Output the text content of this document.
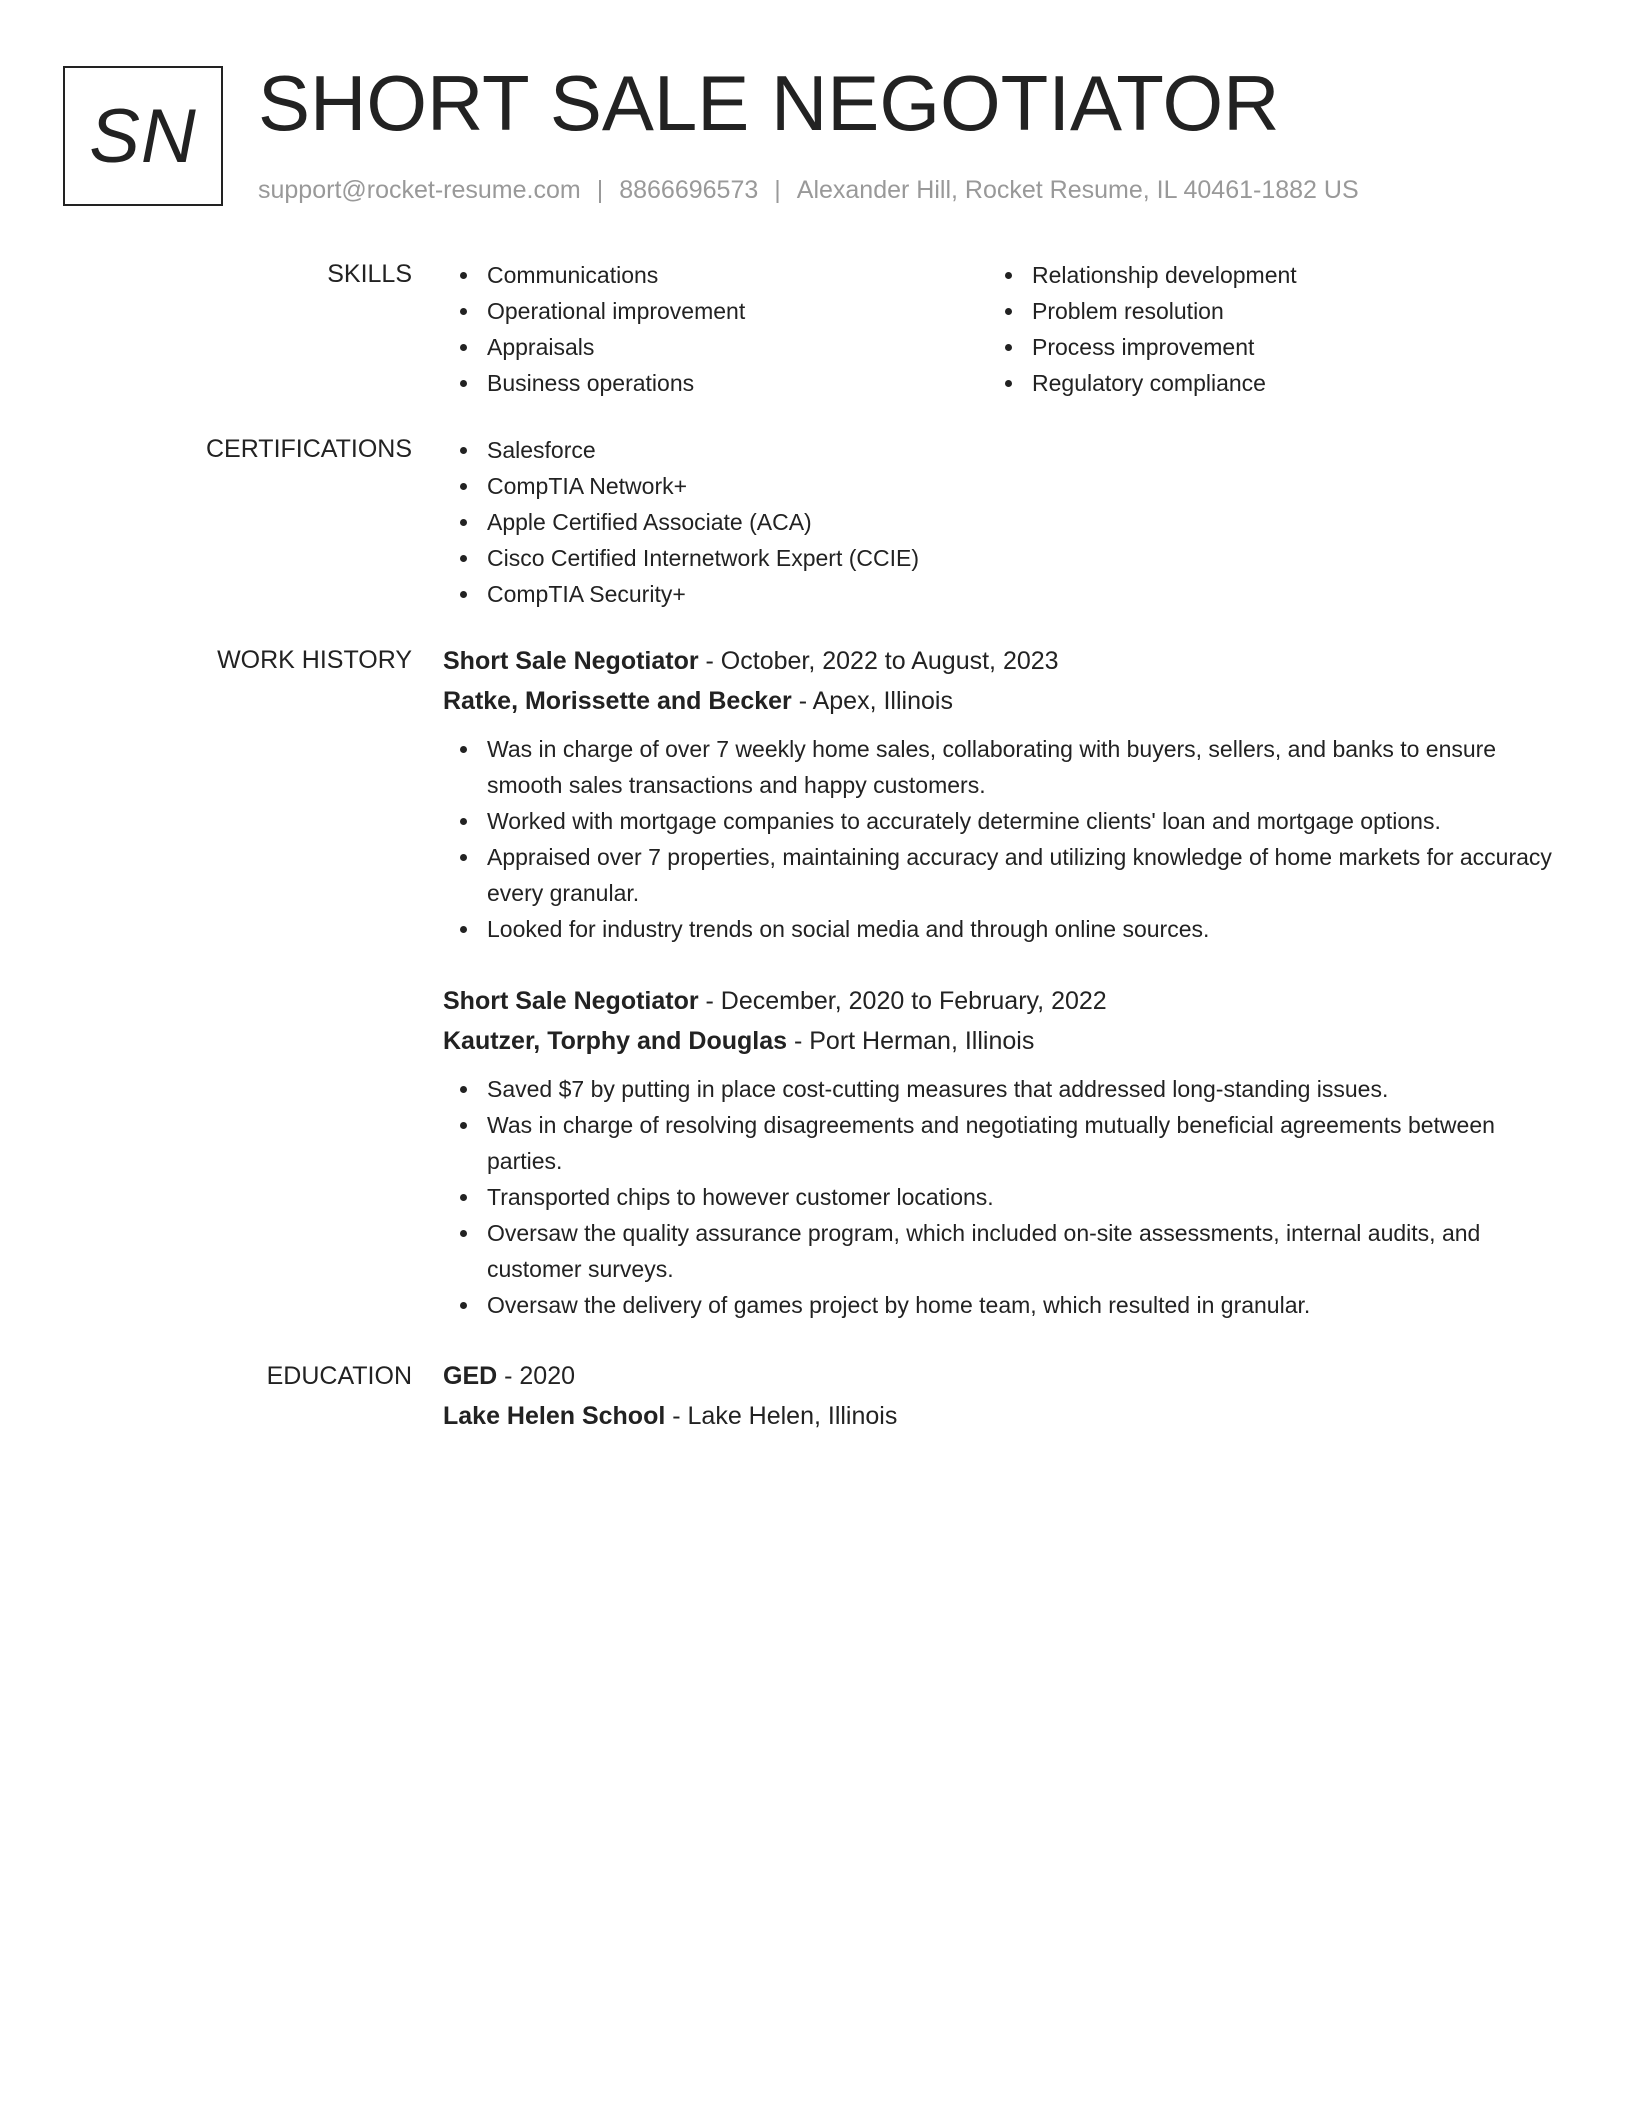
SN SHORT SALE NEGOTIATOR
support@rocket-resume.com | 8866696573 | Alexander Hill, Rocket Resume, IL 40461-1882 US
SKILLS	Communications
Operational improvement
Appraisals
Business operations
Relationship development
Problem resolution
Process improvement
Regulatory compliance
CERTIFICATIONS	Salesforce
CompTIA Network+
Apple Certified Associate (ACA)
Cisco Certified Internetwork Expert (CCIE)
CompTIA Security+
WORK HISTORY Short Sale Negotiator - October, 2022 to August, 2023
Ratke, Morissette and Becker - Apex, Illinois
Was in charge of over 7 weekly home sales, collaborating with buyers, sellers, and banks to ensure smooth sales transactions and happy customers.
Worked with mortgage companies to accurately determine clients' loan and mortgage options.
Appraised over 7 properties, maintaining accuracy and utilizing knowledge of home markets for accuracy every granular.
Looked for industry trends on social media and through online sources.
Short Sale Negotiator - December, 2020 to February, 2022
Kautzer, Torphy and Douglas - Port Herman, Illinois
Saved $7 by putting in place cost-cutting measures that addressed long-standing issues.
Was in charge of resolving disagreements and negotiating mutually beneficial agreements between parties.
Transported chips to however customer locations.
Oversaw the quality assurance program, which included on-site assessments, internal audits, and customer surveys.
Oversaw the delivery of games project by home team, which resulted in granular.
EDUCATION GED - 2020
Lake Helen School - Lake Helen, Illinois
